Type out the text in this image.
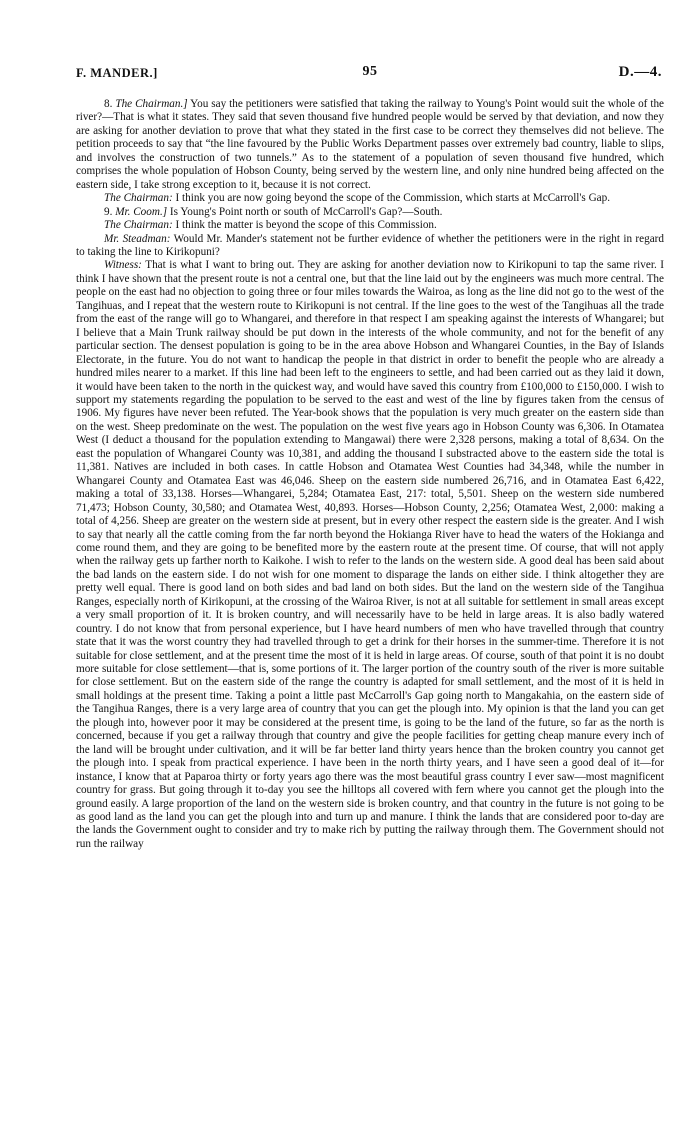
F. MANDER.]	95	D.—4.

8. The Chairman.] You say the petitioners were satisfied that taking the railway to Young's Point would suit the whole of the river?—That is what it states. They said that seven thousand five hundred people would be served by that deviation, and now they are asking for another deviation to prove that what they stated in the first case to be correct they themselves did not believe. The petition proceeds to say that “the line favoured by the Public Works Department passes over extremely bad country, liable to slips, and involves the construction of two tunnels.” As to the statement of a population of seven thousand five hundred, which comprises the whole population of Hobson County, being served by the western line, and only nine hundred being affected on the eastern side, I take strong exception to it, because it is not correct.

The Chairman: I think you are now going beyond the scope of the Commission, which starts at McCarroll's Gap.

9. Mr. Coom.] Is Young's Point north or south of McCarroll's Gap?—South.

The Chairman: I think the matter is beyond the scope of this Commission.

Mr. Steadman: Would Mr. Mander's statement not be further evidence of whether the petitioners were in the right in regard to taking the line to Kirikopuni?

Witness: That is what I want to bring out. They are asking for another deviation now to Kirikopuni to tap the same river. I think I have shown that the present route is not a central one, but that the line laid out by the engineers was much more central. The people on the east had no objection to going three or four miles towards the Wairoa, as long as the line did not go to the west of the Tangihuas, and I repeat that the western route to Kirikopuni is not central. If the line goes to the west of the Tangihuas all the trade from the east of the range will go to Whangarei, and therefore in that respect I am speaking against the interests of Whangarei; but I believe that a Main Trunk railway should be put down in the interests of the whole community, and not for the benefit of any particular section. The densest population is going to be in the area above Hobson and Whangarei Counties, in the Bay of Islands Electorate, in the future. You do not want to handicap the people in that district in order to benefit the people who are already a hundred miles nearer to a market. If this line had been left to the engineers to settle, and had been carried out as they laid it down, it would have been taken to the north in the quickest way, and would have saved this country from £100,000 to £150,000. I wish to support my statements regarding the population to be served to the east and west of the line by figures taken from the census of 1906. My figures have never been refuted. The Year-book shows that the population is very much greater on the eastern side than on the west. Sheep predominate on the west. The population on the west five years ago in Hobson County was 6,306. In Otamatea West (I deduct a thousand for the population extending to Mangawai) there were 2,328 persons, making a total of 8,634. On the east the population of Whangarei County was 10,381, and adding the thousand I substracted above to the eastern side the total is 11,381. Natives are included in both cases. In cattle Hobson and Otamatea West Counties had 34,348, while the number in Whangarei County and Otamatea East was 46,046. Sheep on the eastern side numbered 26,716, and in Otamatea East 6,422, making a total of 33,138. Horses—Whangarei, 5,284; Otamatea East, 217: total, 5,501. Sheep on the western side numbered 71,473; Hobson County, 30,580; and Otamatea West, 40,893. Horses—Hobson County, 2,256; Otamatea West, 2,000: making a total of 4,256. Sheep are greater on the western side at present, but in every other respect the eastern side is the greater. And I wish to say that nearly all the cattle coming from the far north beyond the Hokianga River have to head the waters of the Hokianga and come round them, and they are going to be benefited more by the eastern route at the present time. Of course, that will not apply when the railway gets up farther north to Kaikohe. I wish to refer to the lands on the western side. A good deal has been said about the bad lands on the eastern side. I do not wish for one moment to disparage the lands on either side. I think altogether they are pretty well equal. There is good land on both sides and bad land on both sides. But the land on the western side of the Tangihua Ranges, especially north of Kirikopuni, at the crossing of the Wairoa River, is not at all suitable for settlement in small areas except a very small proportion of it. It is broken country, and will necessarily have to be held in large areas. It is also badly watered country. I do not know that from personal experience, but I have heard numbers of men who have travelled through that country state that it was the worst country they had travelled through to get a drink for their horses in the summer-time. Therefore it is not suitable for close settlement, and at the present time the most of it is held in large areas. Of course, south of that point it is no doubt more suitable for close settlement—that is, some portions of it. The larger portion of the country south of the river is more suitable for close settlement. But on the eastern side of the range the country is adapted for small settlement, and the most of it is held in small holdings at the present time. Taking a point a little past McCarroll's Gap going north to Mangakahia, on the eastern side of the Tangihua Ranges, there is a very large area of country that you can get the plough into. My opinion is that the land you can get the plough into, however poor it may be considered at the present time, is going to be the land of the future, so far as the north is concerned, because if you get a railway through that country and give the people facilities for getting cheap manure every inch of the land will be brought under cultivation, and it will be far better land thirty years hence than the broken country you cannot get the plough into. I speak from practical experience. I have been in the north thirty years, and I have seen a good deal of it—for instance, I know that at Paparoa thirty or forty years ago there was the most beautiful grass country I ever saw—most magnificent country for grass. But going through it to-day you see the hilltops all covered with fern where you cannot get the plough into the ground easily. A large proportion of the land on the western side is broken country, and that country in the future is not going to be as good land as the land you can get the plough into and turn up and manure. I think the lands that are considered poor to-day are the lands the Government ought to consider and try to make rich by putting the railway through them. The Government should not run the railway
